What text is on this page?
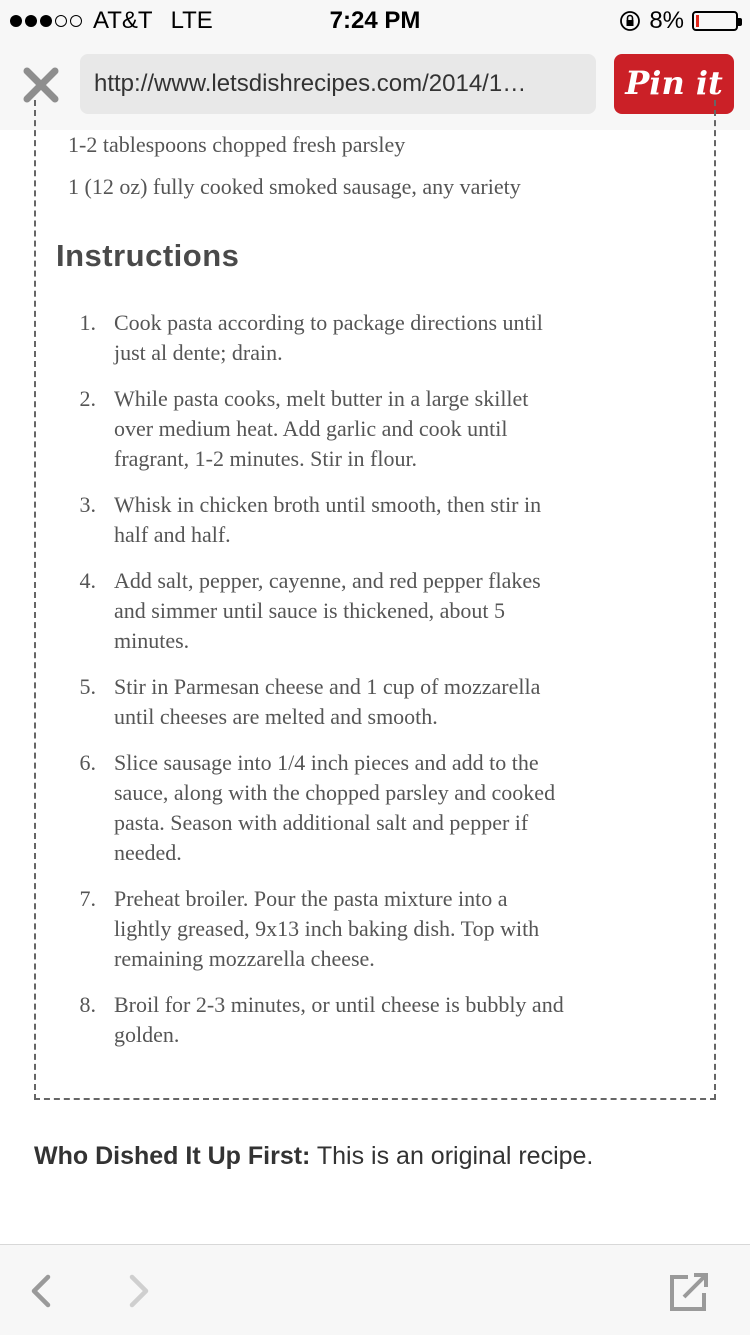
AT&T LTE	7:24 PM	8%
http://www.letsdishrecipes.com/2014/1…	Pin it
1-2 tablespoons chopped fresh parsley
1 (12 oz) fully cooked smoked sausage, any variety
Instructions
1. Cook pasta according to package directions until
just al dente; drain.
2. While pasta cooks, melt butter in a large skillet
over medium heat. Add garlic and cook until
fragrant, 1-2 minutes. Stir in flour.
3. Whisk in chicken broth until smooth, then stir in
half and half.
4. Add salt, pepper, cayenne, and red pepper flakes
and simmer until sauce is thickened, about 5
minutes.
5. Stir in Parmesan cheese and 1 cup of mozzarella
until cheeses are melted and smooth.
6. Slice sausage into 1/4 inch pieces and add to the
sauce, along with the chopped parsley and cooked
pasta. Season with additional salt and pepper if
needed.
7. Preheat broiler. Pour the pasta mixture into a
lightly greased, 9x13 inch baking dish. Top with
remaining mozzarella cheese.
8. Broil for 2-3 minutes, or until cheese is bubbly and
golden.
Who Dished It Up First: This is an original recipe.
